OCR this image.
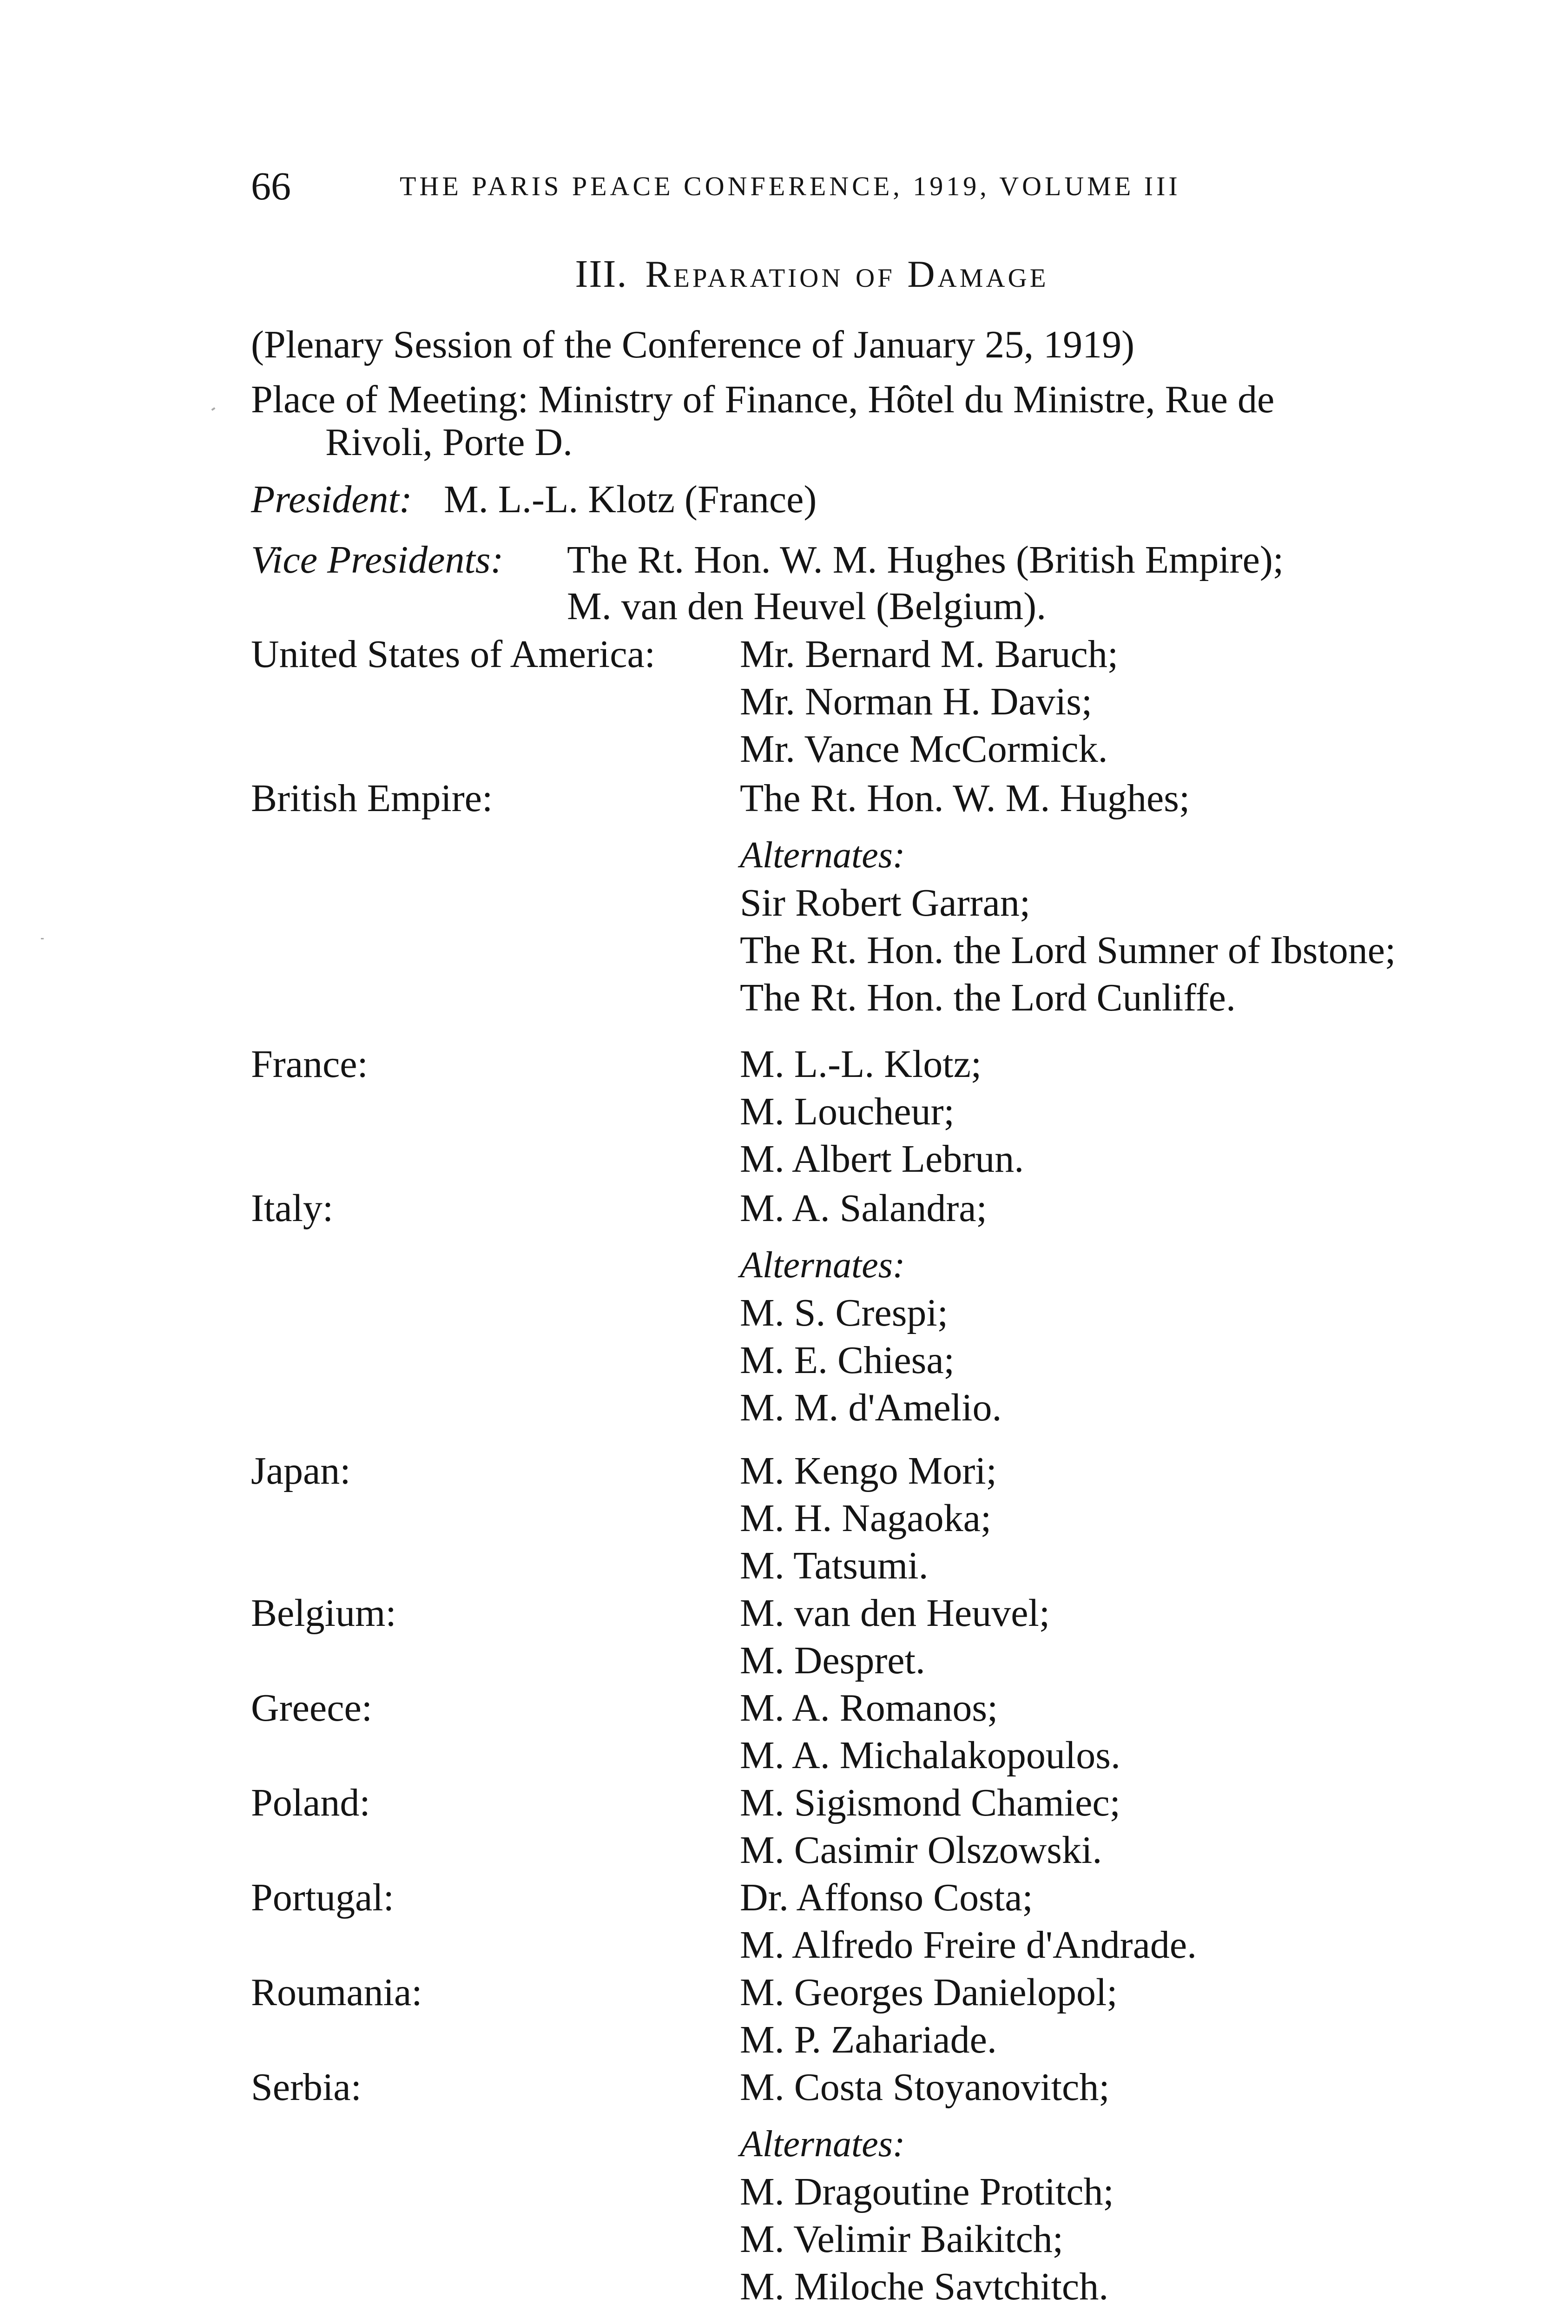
66	THE PARIS PEACE CONFERENCE, 1919, VOLUME III
III. Reparation of Damage
(Plenary Session of the Conference of January 25, 1919)
Place of Meeting: Ministry of Finance, Hôtel du Ministre, Rue de
Rivoli, Porte D.
President: M. L.-L. Klotz (France)
Vice Presidents: The Rt. Hon. W. M. Hughes (British Empire);
M. van den Heuvel (Belgium).
United States of America: Mr. Bernard M. Baruch;
Mr. Norman H. Davis;
Mr. Vance McCormick.
British Empire:	The Rt. Hon. W. M. Hughes;
Alternates:
Sir Robert Garran;
The Rt. Hon. the Lord Sumner of Ibstone;
The Rt. Hon. the Lord Cunliffe.
France:	M. L.-L. Klotz;
M. Loucheur;
M. Albert Lebrun.
Italy:	M. A. Salandra;
Alternates:
M. S. Crespi;
M. E. Chiesa;
M. M. d'Amelio.
Japan:	M. Kengo Mori;
M. H. Nagaoka;
M. Tatsumi.
Belgium:	M. van den Heuvel;
M. Despret.
Greece:	M. A. Romanos;
M. A. Michalakopoulos.
Poland:	M. Sigismond Chamiec;
M. Casimir Olszowski.
Portugal:	Dr. Affonso Costa;
M. Alfredo Freire d'Andrade.
Roumania:	M. Georges Danielopol;
M. P. Zahariade.
Serbia:	M. Costa Stoyanovitch;
Alternates:
M. Dragoutine Protitch;
M. Velimir Baikitch;
M. Miloche Savtchitch.
